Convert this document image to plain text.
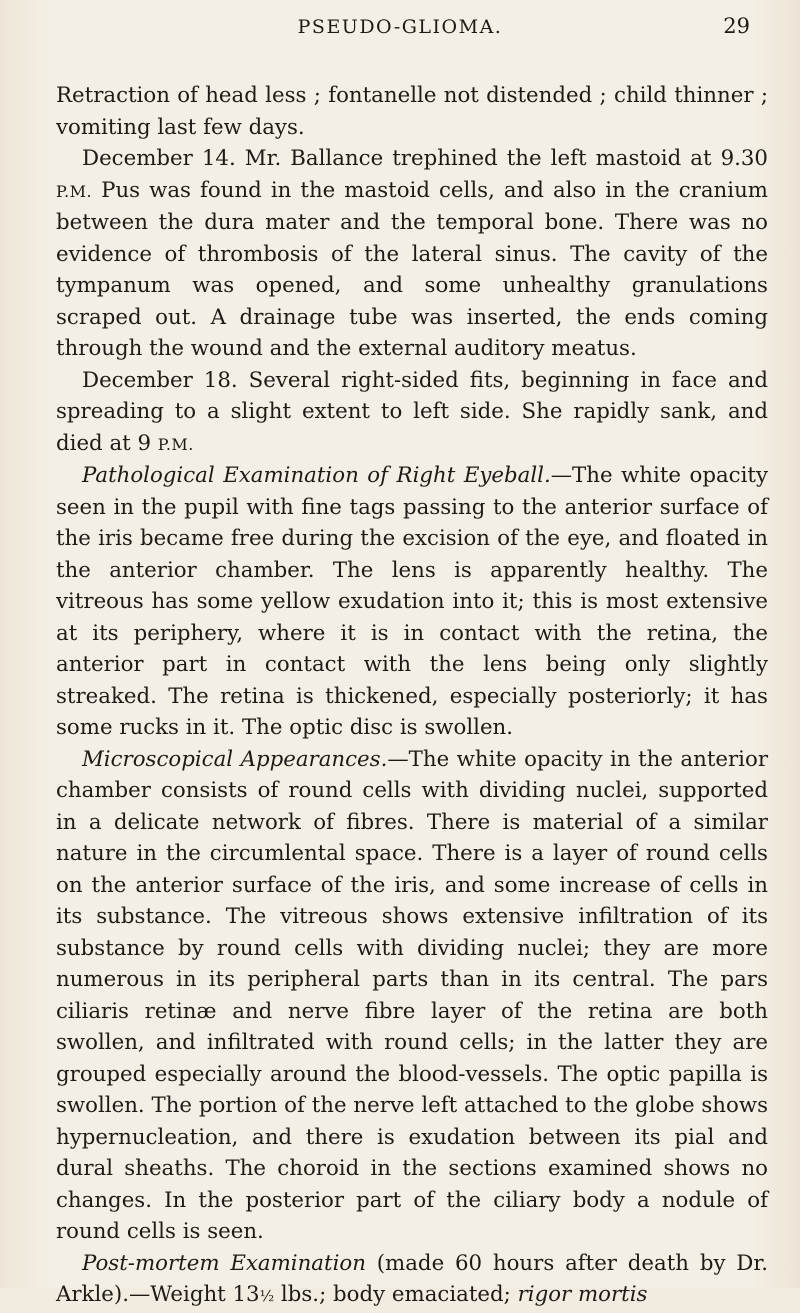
PSEUDO-GLIOMA.	29

Retraction of head less ; fontanelle not distended ; child thinner ; vomiting last few days.

December 14. Mr. Ballance trephined the left mastoid at 9.30 P.M. Pus was found in the mastoid cells, and also in the cranium between the dura mater and the temporal bone. There was no evidence of thrombosis of the lateral sinus. The cavity of the tympanum was opened, and some unhealthy granulations scraped out. A drainage tube was inserted, the ends coming through the wound and the external auditory meatus.

December 18. Several right-sided fits, beginning in face and spreading to a slight extent to left side. She rapidly sank, and died at 9 P.M.

Pathological Examination of Right Eyeball.—The white opacity seen in the pupil with fine tags passing to the anterior surface of the iris became free during the excision of the eye, and floated in the anterior chamber. The lens is apparently healthy. The vitreous has some yellow exudation into it; this is most extensive at its periphery, where it is in contact with the retina, the anterior part in contact with the lens being only slightly streaked. The retina is thickened, especially posteriorly; it has some rucks in it. The optic disc is swollen.

Microscopical Appearances.—The white opacity in the anterior chamber consists of round cells with dividing nuclei, supported in a delicate network of fibres. There is material of a similar nature in the circumlental space. There is a layer of round cells on the anterior surface of the iris, and some increase of cells in its substance. The vitreous shows extensive infiltration of its substance by round cells with dividing nuclei; they are more numerous in its peripheral parts than in its central. The pars ciliaris retinæ and nerve fibre layer of the retina are both swollen, and infiltrated with round cells; in the latter they are grouped especially around the blood-vessels. The optic papilla is swollen. The portion of the nerve left attached to the globe shows hypernucleation, and there is exudation between its pial and dural sheaths. The choroid in the sections examined shows no changes. In the posterior part of the ciliary body a nodule of round cells is seen.

Post-mortem Examination (made 60 hours after death by Dr. Arkle).—Weight 13½ lbs.; body emaciated; rigor mortis
